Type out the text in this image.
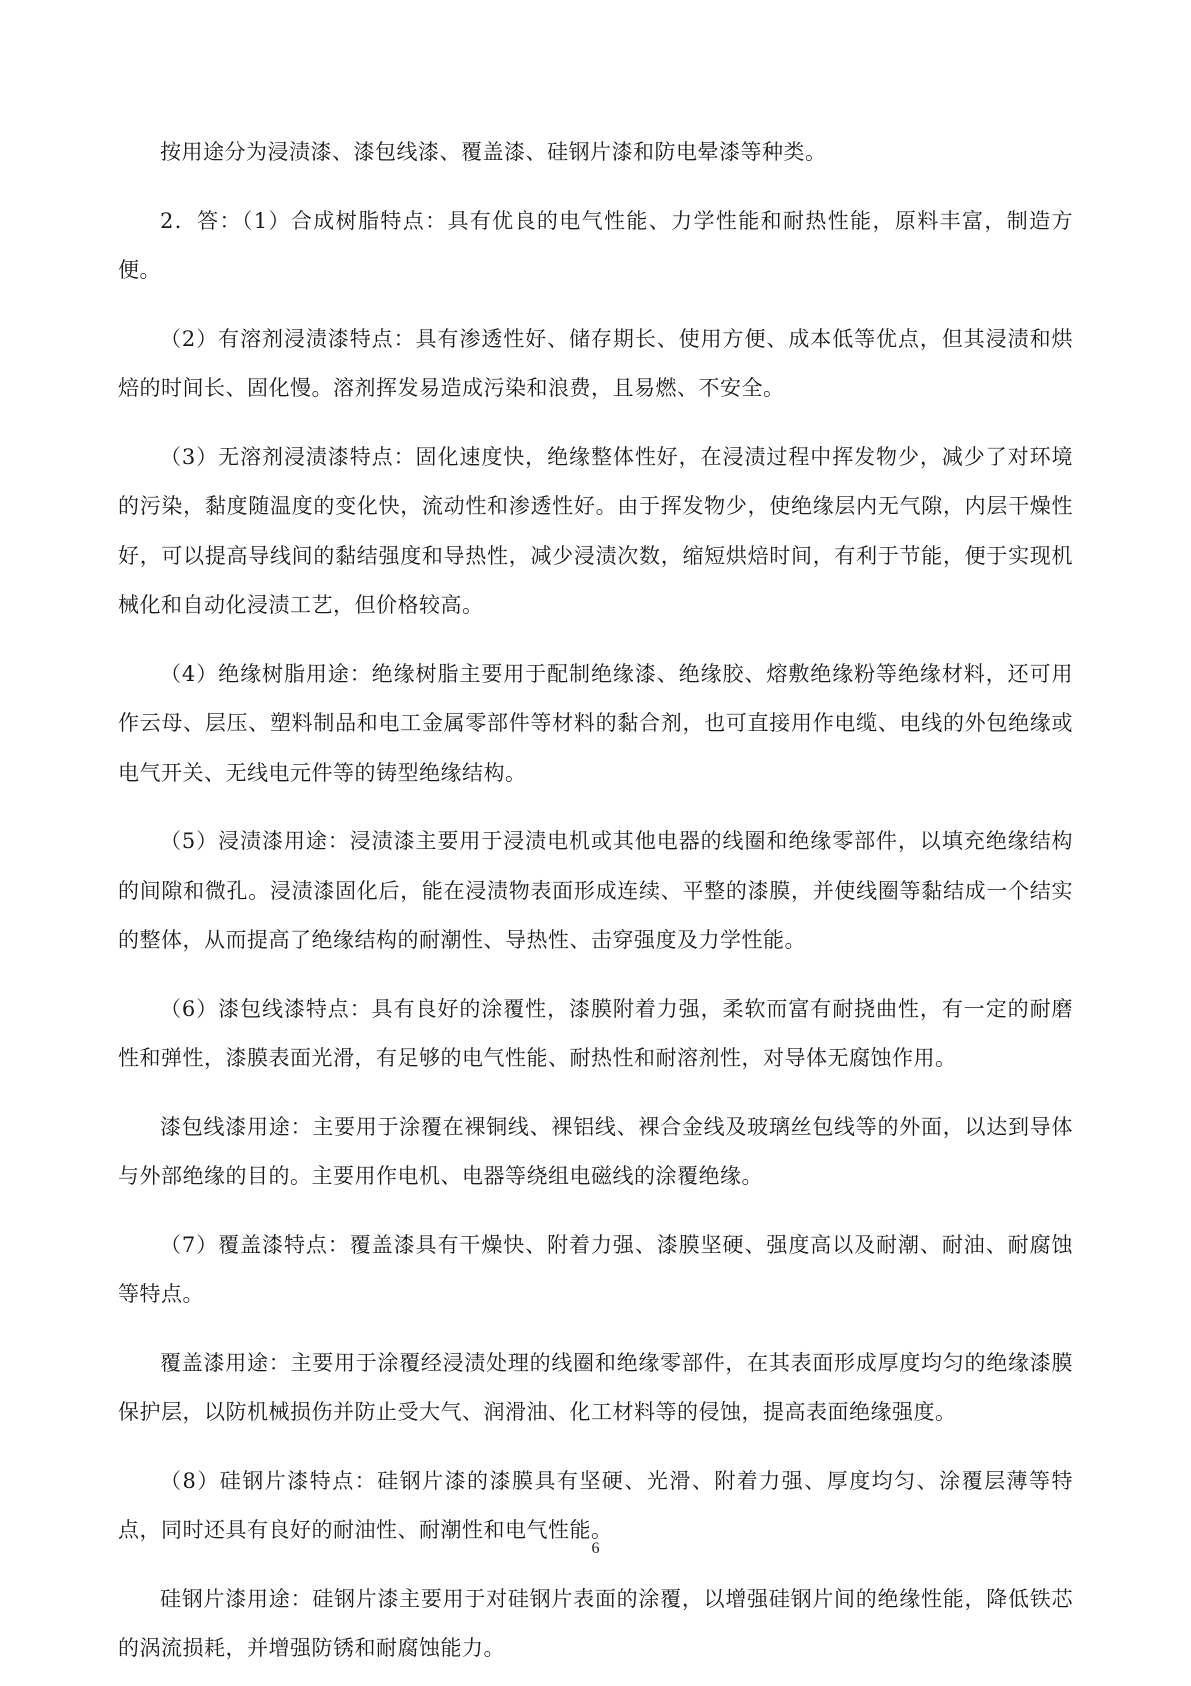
按用途分为浸渍漆、漆包线漆、覆盖漆、硅钢片漆和防电晕漆等种类。

2．答：（1）合成树脂特点：具有优良的电气性能、力学性能和耐热性能，原料丰富，制造方便。

（2）有溶剂浸渍漆特点：具有渗透性好、储存期长、使用方便、成本低等优点，但其浸渍和烘焙的时间长、固化慢。溶剂挥发易造成污染和浪费，且易燃、不安全。

（3）无溶剂浸渍漆特点：固化速度快，绝缘整体性好，在浸渍过程中挥发物少，减少了对环境的污染，黏度随温度的变化快，流动性和渗透性好。由于挥发物少，使绝缘层内无气隙，内层干燥性好，可以提高导线间的黏结强度和导热性，减少浸渍次数，缩短烘焙时间，有利于节能，便于实现机械化和自动化浸渍工艺，但价格较高。

（4）绝缘树脂用途：绝缘树脂主要用于配制绝缘漆、绝缘胶、熔敷绝缘粉等绝缘材料，还可用作云母、层压、塑料制品和电工金属零部件等材料的黏合剂，也可直接用作电缆、电线的外包绝缘或电气开关、无线电元件等的铸型绝缘结构。

（5）浸渍漆用途：浸渍漆主要用于浸渍电机或其他电器的线圈和绝缘零部件，以填充绝缘结构的间隙和微孔。浸渍漆固化后，能在浸渍物表面形成连续、平整的漆膜，并使线圈等黏结成一个结实的整体，从而提高了绝缘结构的耐潮性、导热性、击穿强度及力学性能。

（6）漆包线漆特点：具有良好的涂覆性，漆膜附着力强，柔软而富有耐挠曲性，有一定的耐磨性和弹性，漆膜表面光滑，有足够的电气性能、耐热性和耐溶剂性，对导体无腐蚀作用。

漆包线漆用途：主要用于涂覆在裸铜线、裸铝线、裸合金线及玻璃丝包线等的外面，以达到导体与外部绝缘的目的。主要用作电机、电器等绕组电磁线的涂覆绝缘。

（7）覆盖漆特点：覆盖漆具有干燥快、附着力强、漆膜坚硬、强度高以及耐潮、耐油、耐腐蚀等特点。

覆盖漆用途：主要用于涂覆经浸渍处理的线圈和绝缘零部件，在其表面形成厚度均匀的绝缘漆膜保护层，以防机械损伤并防止受大气、润滑油、化工材料等的侵蚀，提高表面绝缘强度。

（8）硅钢片漆特点：硅钢片漆的漆膜具有坚硬、光滑、附着力强、厚度均匀、涂覆层薄等特点，同时还具有良好的耐油性、耐潮性和电气性能。

硅钢片漆用途：硅钢片漆主要用于对硅钢片表面的涂覆，以增强硅钢片间的绝缘性能，降低铁芯的涡流损耗，并增强防锈和耐腐蚀能力。

6
